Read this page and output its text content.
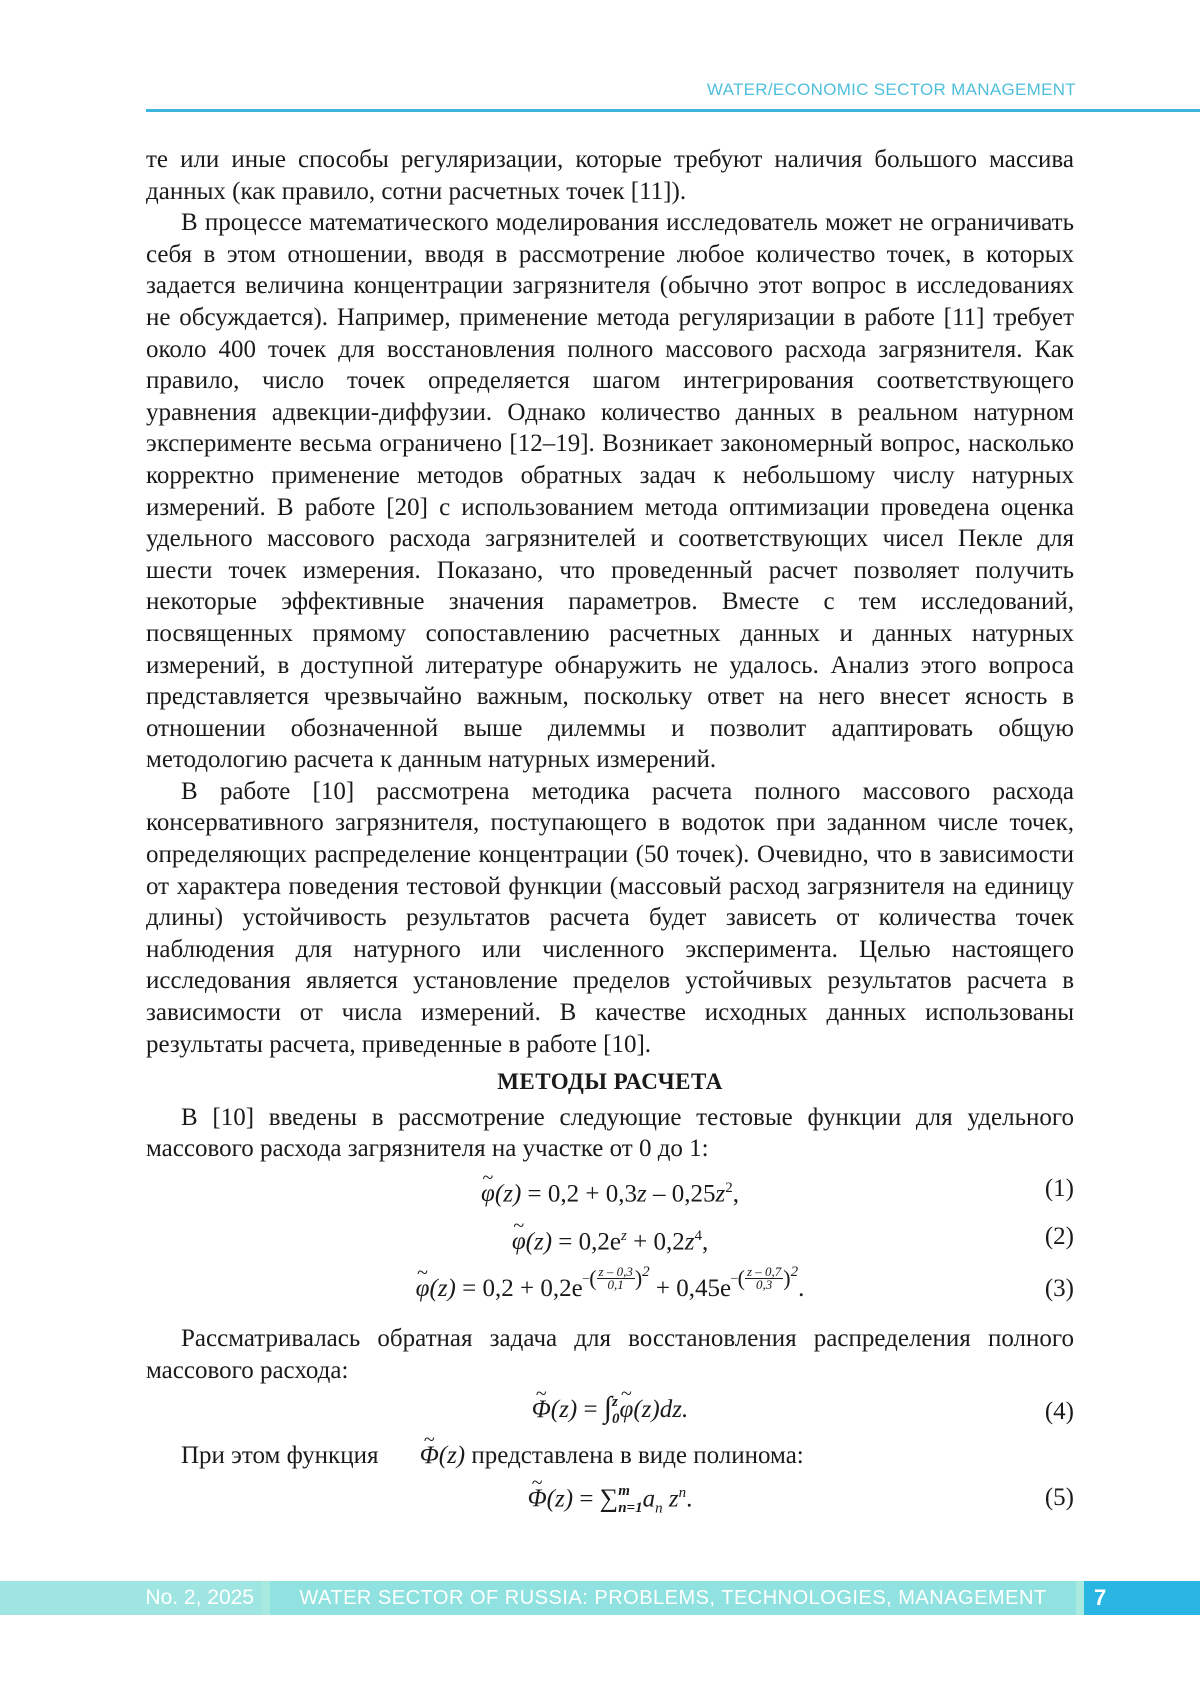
WATER/ECONOMIC SECTOR MANAGEMENT

те или иные способы регуляризации, которые требуют наличия большого массива данных (как правило, сотни расчетных точек [11]).

В процессе математического моделирования исследователь может не ограничивать себя в этом отношении, вводя в рассмотрение любое количество точек, в которых задается величина концентрации загрязнителя (обычно этот вопрос в исследованиях не обсуждается). Например, применение метода регуляризации в работе [11] требует около 400 точек для восстановления полного массового расхода загрязнителя. Как правило, число точек определяется шагом интегрирования соответствующего уравнения адвекции-диффузии. Однако количество данных в реальном натурном эксперименте весьма ограничено [12–19]. Возникает закономерный вопрос, насколько корректно применение методов обратных задач к небольшому числу натурных измерений. В работе [20] с использованием метода оптимизации проведена оценка удельного массового расхода загрязнителей и соответствующих чисел Пекле для шести точек измерения. Показано, что проведенный расчет позволяет получить некоторые эффективные значения параметров. Вместе с тем исследований, посвященных прямому сопоставлению расчетных данных и данных натурных измерений, в доступной литературе обнаружить не удалось. Анализ этого вопроса представляется чрезвычайно важным, поскольку ответ на него внесет ясность в отношении обозначенной выше дилеммы и позволит адаптировать общую методологию расчета к данным натурных измерений.

В работе [10] рассмотрена методика расчета полного массового расхода консервативного загрязнителя, поступающего в водоток при заданном числе точек, определяющих распределение концентрации (50 точек). Очевидно, что в зависимости от характера поведения тестовой функции (массовый расход загрязнителя на единицу длины) устойчивость результатов расчета будет зависеть от количества точек наблюдения для натурного или численного эксперимента. Целью настоящего исследования является установление пределов устойчивых результатов расчета в зависимости от числа измерений. В качестве исходных данных использованы результаты расчета, приведенные в работе [10].

МЕТОДЫ РАСЧЕТА

В [10] введены в рассмотрение следующие тестовые функции для удельного массового расхода загрязнителя на участке от 0 до 1:

~ $\varphi(z) = 0,2 + 0,3z - 0,25z^2$,	(1)
~ $\varphi(z) = 0,2e^z + 0,2z^4$,	(2)
~ $\varphi(z) = 0,2 + 0,2e-( \frac{z - 0,3}{0,1} )^2 + 0,45e-( \frac{z - 0,7}{0,3} )^2$.	(3)

Рассматривалась обратная задача для восстановления распределения полного массового расхода:

~ Φ(z) = ∫ z
0
~ φ(z)dz.	(4)

При этом функция ~ Φ(z) представлена в виде полинома:

~ Φ(z) = ∑ m
n=1 $a_n$ $z^n$.	(5)
No. 2, 2025	WATER SECTOR OF RUSSIA: PROBLEMS, TECHNOLOGIES, MANAGEMENT	7
